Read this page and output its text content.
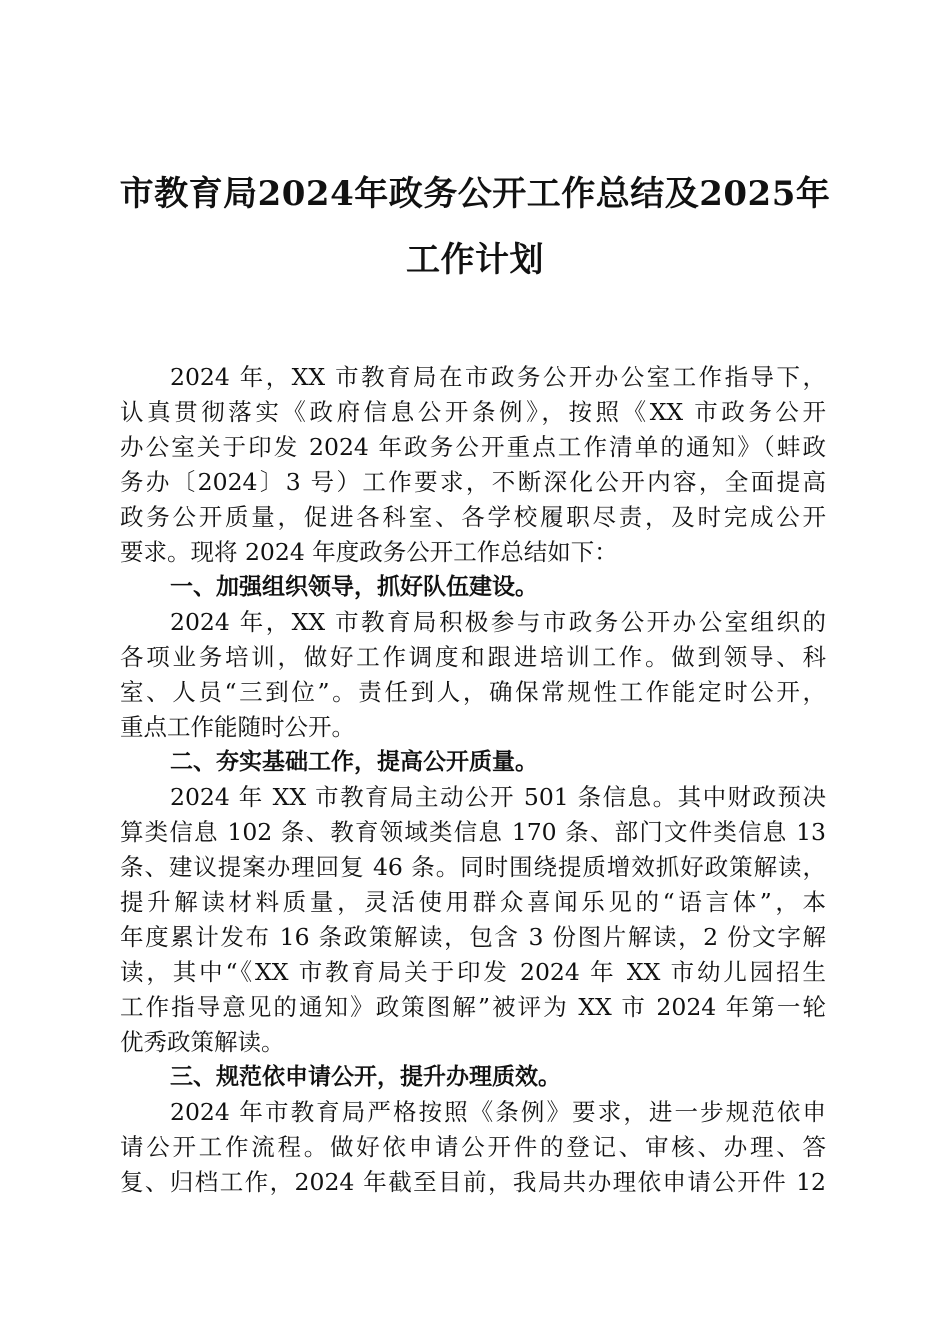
市教育局2024年政务公开工作总结及2025年
工作计划
2024 年，XX 市教育局在市政务公开办公室工作指导下，
认真贯彻落实《政府信息公开条例》，按照《XX 市政务公开
办公室关于印发 2024 年政务公开重点工作清单的通知》（蚌政
务办〔2024〕3 号）工作要求，不断深化公开内容，全面提高
政务公开质量，促进各科室、各学校履职尽责，及时完成公开
要求。现将 2024 年度政务公开工作总结如下：
一、加强组织领导，抓好队伍建设。
2024 年，XX 市教育局积极参与市政务公开办公室组织的
各项业务培训，做好工作调度和跟进培训工作。做到领导、科
室、人员“三到位”。责任到人，确保常规性工作能定时公开，
重点工作能随时公开。
二、夯实基础工作，提高公开质量。
2024 年 XX 市教育局主动公开 501 条信息。其中财政预决
算类信息 102 条、教育领域类信息 170 条、部门文件类信息 13
条、建议提案办理回复 46 条。同时围绕提质增效抓好政策解读，
提升解读材料质量，灵活使用群众喜闻乐见的“语言体”，本
年度累计发布 16 条政策解读，包含 3 份图片解读，2 份文字解
读，其中“《XX 市教育局关于印发 2024 年 XX 市幼儿园招生
工作指导意见的通知》政策图解”被评为 XX 市 2024 年第一轮
优秀政策解读。
三、规范依申请公开，提升办理质效。
2024 年市教育局严格按照《条例》要求，进一步规范依申
请公开工作流程。做好依申请公开件的登记、审核、办理、答
复、归档工作，2024 年截至目前，我局共办理依申请公开件 12
